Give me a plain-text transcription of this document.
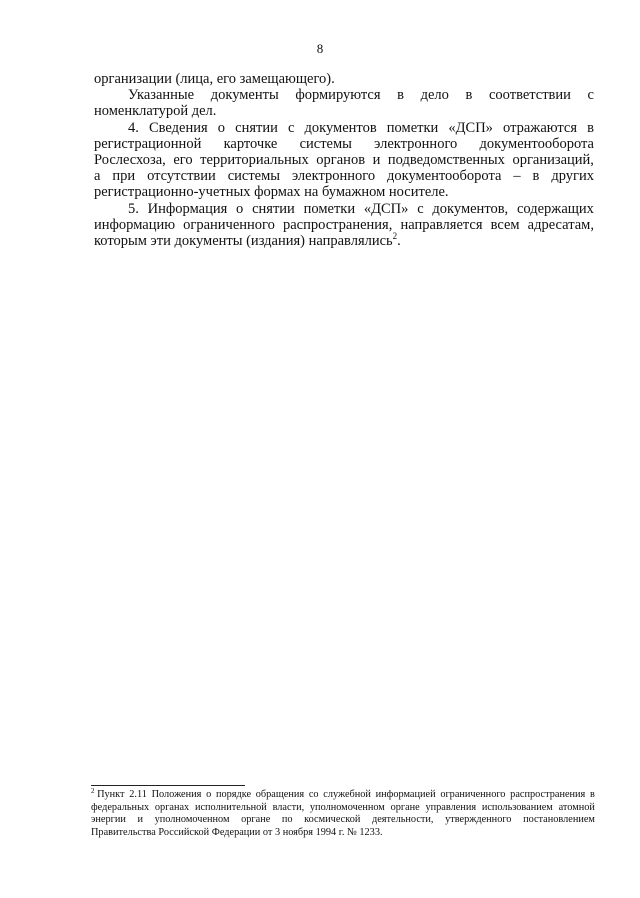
8
организации (лица, его замещающего).
Указанные документы формируются в дело в соответствии с
номенклатурой дел.
4. Сведения о снятии с документов пометки «ДСП» отражаются в
регистрационной карточке системы электронного документооборота
Рослесхоза, его территориальных органов и подведомственных организаций,
а при отсутствии системы электронного документооборота – в других
регистрационно-учетных формах на бумажном носителе.
5. Информация о снятии пометки «ДСП» с документов, содержащих
информацию ограниченного распространения, направляется всем адресатам,
которым эти документы (издания) направлялись$^2$.
$^2$ Пункт 2.11 Положения о порядке обращения со служебной информацией ограниченного распространения в
федеральных органах исполнительной власти, уполномоченном органе управления использованием атомной
энергии и уполномоченном органе по космической деятельности, утвержденного постановлением
Правительства Российской Федерации от 3 ноября 1994 г. № 1233.
